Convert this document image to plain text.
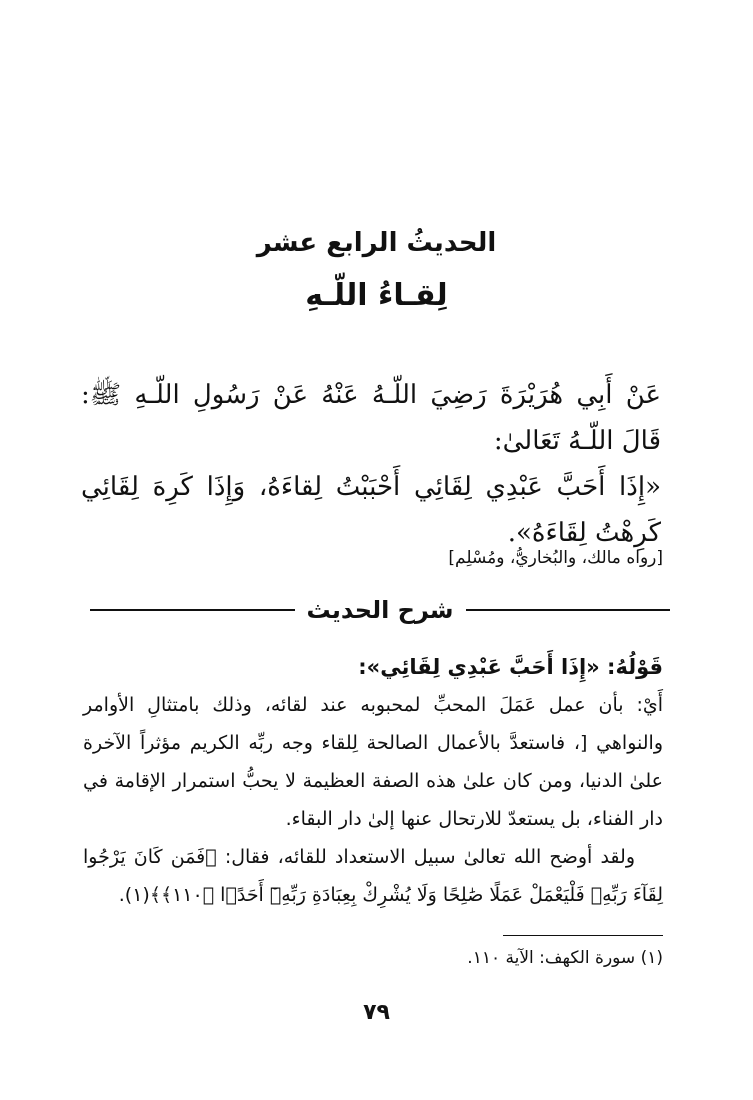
الحديثُ الرابع عشر
لِقـاءُ اللّـهِ

عَنْ أَبِي هُرَيْرَةَ رَضِيَ اللّـهُ عَنْهُ عَنْ رَسُولِ اللّـهِ ﷺ: قَالَ اللّـهُ تَعَالىٰ:

«إِذَا أَحَبَّ عَبْدِي لِقَائِي أَحْبَبْتُ لِقاءَهُ، وَإِذَا كَرِهَ لِقَائِي كَرِهْتُ لِقَاءَهُ».

[رواه مالك، والبُخاريُّ، ومُسْلِم]
شرح الحديث

قَوْلُهُ: «إِذَا أَحَبَّ عَبْدِي لِقَائِي»:

أَيْ: بأن عمل عَمَلَ المحبِّ لمحبوبه عند لقائه، وذلك بامتثالِ الأوامر والنواهي [، فاستعدَّ بالأعمال الصالحة لِلقاء وجه ربِّه الكريم مؤثراً الآخرة علىٰ الدنيا، ومن كان علىٰ هذه الصفة العظيمة لا يحبُّ استمرار الإقامة في دار الفناء، بل يستعدّ للارتحال عنها إلىٰ دار البقاء.

ولقد أوضح الله تعالىٰ سبيل الاستعداد للقائه، فقال: ﴿فَمَن كَانَ يَرْجُوا لِقَآءَ رَبِّهِۦ فَلْيَعْمَلْ عَمَلًا صَٰلِحًا وَلَا يُشْرِكْ بِعِبَادَةِ رَبِّهِۦٓ أَحَدًۢا ﴿١١٠﴾﴾(١).

(١) سورة الكهف: الآية ١١٠.
٧٩
